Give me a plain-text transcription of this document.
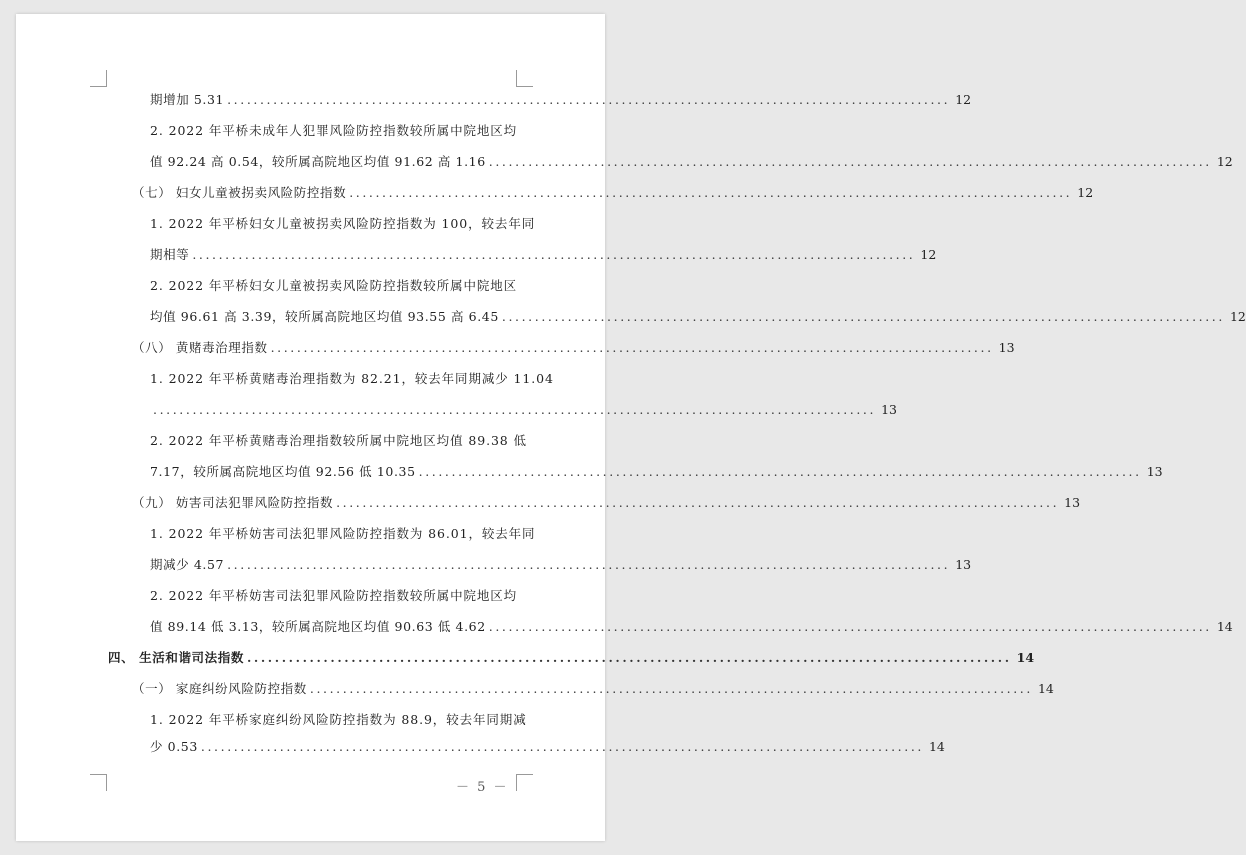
期增加 5.31 .............................................................................................................. 12
2. 2022 年平桥未成年人犯罪风险防控指数较所属中院地区均
值 92.24 高 0.54，较所属高院地区均值 91.62 高 1.16 .............................................................................................................. 12
（七） 妇女儿童被拐卖风险防控指数 .............................................................................................................. 12
1. 2022 年平桥妇女儿童被拐卖风险防控指数为 100，较去年同
期相等 .............................................................................................................. 12
2. 2022 年平桥妇女儿童被拐卖风险防控指数较所属中院地区
均值 96.61 高 3.39，较所属高院地区均值 93.55 高 6.45 .............................................................................................................. 12
（八） 黄赌毒治理指数 .............................................................................................................. 13
1. 2022 年平桥黄赌毒治理指数为 82.21，较去年同期减少 11.04
.............................................................................................................. 13
2. 2022 年平桥黄赌毒治理指数较所属中院地区均值 89.38 低
7.17，较所属高院地区均值 92.56 低 10.35 .............................................................................................................. 13
（九） 妨害司法犯罪风险防控指数 .............................................................................................................. 13
1. 2022 年平桥妨害司法犯罪风险防控指数为 86.01，较去年同
期减少 4.57 .............................................................................................................. 13
2. 2022 年平桥妨害司法犯罪风险防控指数较所属中院地区均
值 89.14 低 3.13，较所属高院地区均值 90.63 低 4.62 .............................................................................................................. 14
四、 生活和谐司法指数 .............................................................................................................. 14
（一） 家庭纠纷风险防控指数 .............................................................................................................. 14
1. 2022 年平桥家庭纠纷风险防控指数为 88.9，较去年同期减
少 0.53 .............................................................................................................. 14
－ 5 －
